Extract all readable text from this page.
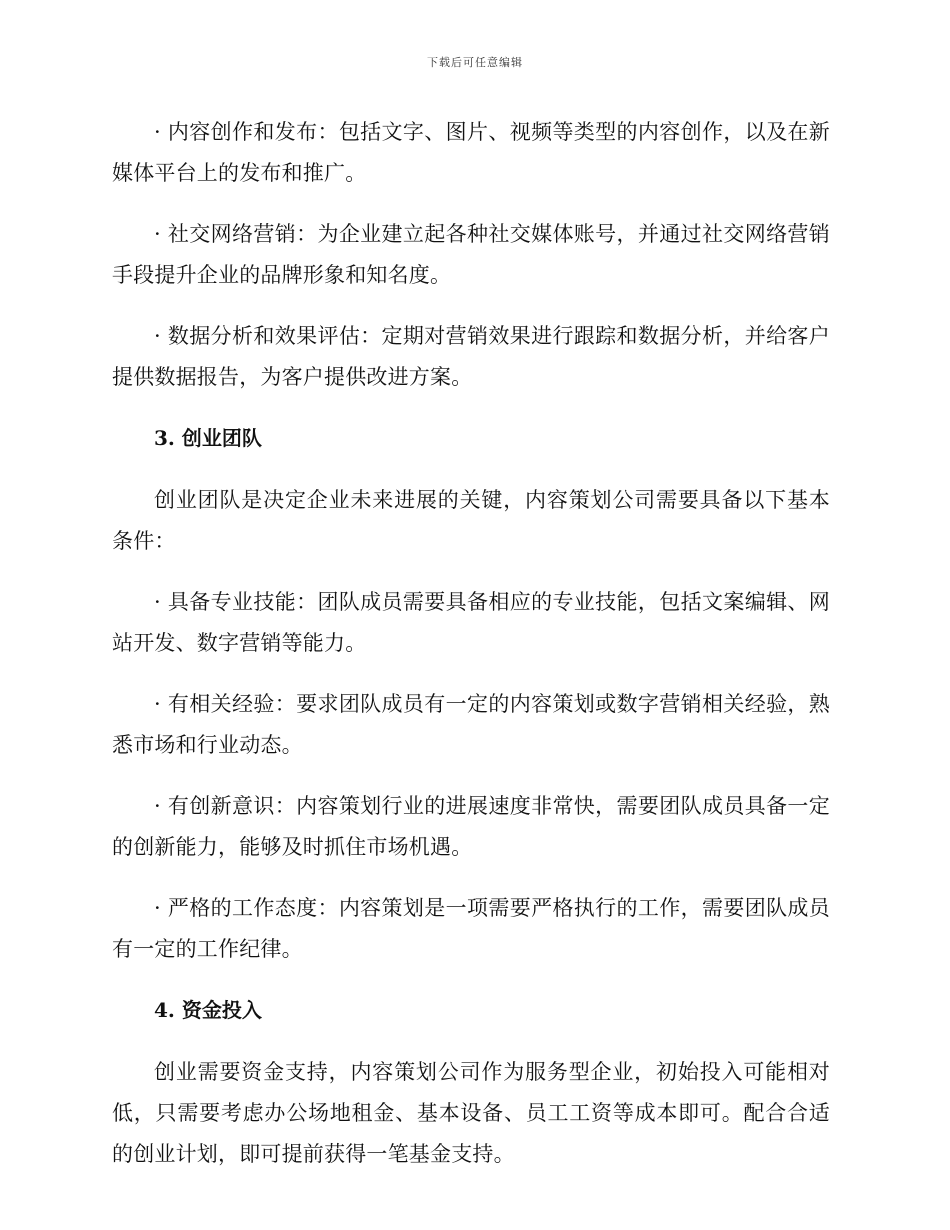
下载后可任意编辑

· 内容创作和发布：包括文字、图片、视频等类型的内容创作，以及在新媒体平台上的发布和推广。

· 社交网络营销：为企业建立起各种社交媒体账号，并通过社交网络营销手段提升企业的品牌形象和知名度。

· 数据分析和效果评估：定期对营销效果进行跟踪和数据分析，并给客户提供数据报告，为客户提供改进方案。

3. 创业团队

创业团队是决定企业未来进展的关键，内容策划公司需要具备以下基本条件：

· 具备专业技能：团队成员需要具备相应的专业技能，包括文案编辑、网站开发、数字营销等能力。

· 有相关经验：要求团队成员有一定的内容策划或数字营销相关经验，熟悉市场和行业动态。

· 有创新意识：内容策划行业的进展速度非常快，需要团队成员具备一定的创新能力，能够及时抓住市场机遇。

· 严格的工作态度：内容策划是一项需要严格执行的工作，需要团队成员有一定的工作纪律。

4. 资金投入

创业需要资金支持，内容策划公司作为服务型企业，初始投入可能相对低，只需要考虑办公场地租金、基本设备、员工工资等成本即可。配合合适的创业计划，即可提前获得一笔基金支持。
